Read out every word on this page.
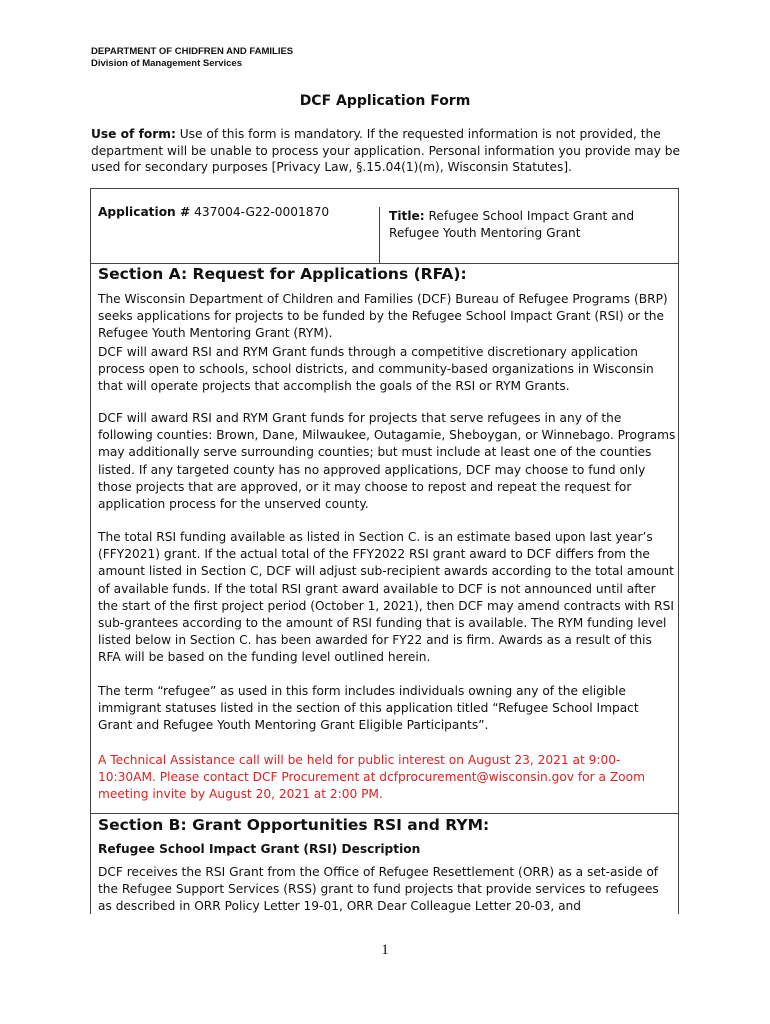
DEPARTMENT OF CHIDFREN AND FAMILIES
Division of Management Services
DCF Application Form
Use of form: Use of this form is mandatory. If the requested information is not provided, the department will be unable to process your application. Personal information you provide may be used for secondary purposes [Privacy Law, §.15.04(1)(m), Wisconsin Statutes].
Application # 437004-G22-0001870	Title: Refugee School Impact Grant and Refugee Youth Mentoring Grant
Section A: Request for Applications (RFA):
The Wisconsin Department of Children and Families (DCF) Bureau of Refugee Programs (BRP) seeks applications for projects to be funded by the Refugee School Impact Grant (RSI) or the Refugee Youth Mentoring Grant (RYM).
DCF will award RSI and RYM Grant funds through a competitive discretionary application process open to schools, school districts, and community-based organizations in Wisconsin that will operate projects that accomplish the goals of the RSI or RYM Grants.
DCF will award RSI and RYM Grant funds for projects that serve refugees in any of the following counties: Brown, Dane, Milwaukee, Outagamie, Sheboygan, or Winnebago. Programs may additionally serve surrounding counties; but must include at least one of the counties listed. If any targeted county has no approved applications, DCF may choose to fund only those projects that are approved, or it may choose to repost and repeat the request for application process for the unserved county.
The total RSI funding available as listed in Section C. is an estimate based upon last year’s (FFY2021) grant. If the actual total of the FFY2022 RSI grant award to DCF differs from the amount listed in Section C, DCF will adjust sub-recipient awards according to the total amount of available funds. If the total RSI grant award available to DCF is not announced until after the start of the first project period (October 1, 2021), then DCF may amend contracts with RSI sub-grantees according to the amount of RSI funding that is available. The RYM funding level listed below in Section C. has been awarded for FY22 and is firm. Awards as a result of this RFA will be based on the funding level outlined herein.
The term “refugee” as used in this form includes individuals owning any of the eligible immigrant statuses listed in the section of this application titled “Refugee School Impact Grant and Refugee Youth Mentoring Grant Eligible Participants”.
A Technical Assistance call will be held for public interest on August 23, 2021 at 9:00-10:30AM. Please contact DCF Procurement at dcfprocurement@wisconsin.gov for a Zoom meeting invite by August 20, 2021 at 2:00 PM.
Section B: Grant Opportunities RSI and RYM:
Refugee School Impact Grant (RSI) Description
DCF receives the RSI Grant from the Office of Refugee Resettlement (ORR) as a set-aside of the Refugee Support Services (RSS) grant to fund projects that provide services to refugees as described in ORR Policy Letter 19-01, ORR Dear Colleague Letter 20-03, and
1
